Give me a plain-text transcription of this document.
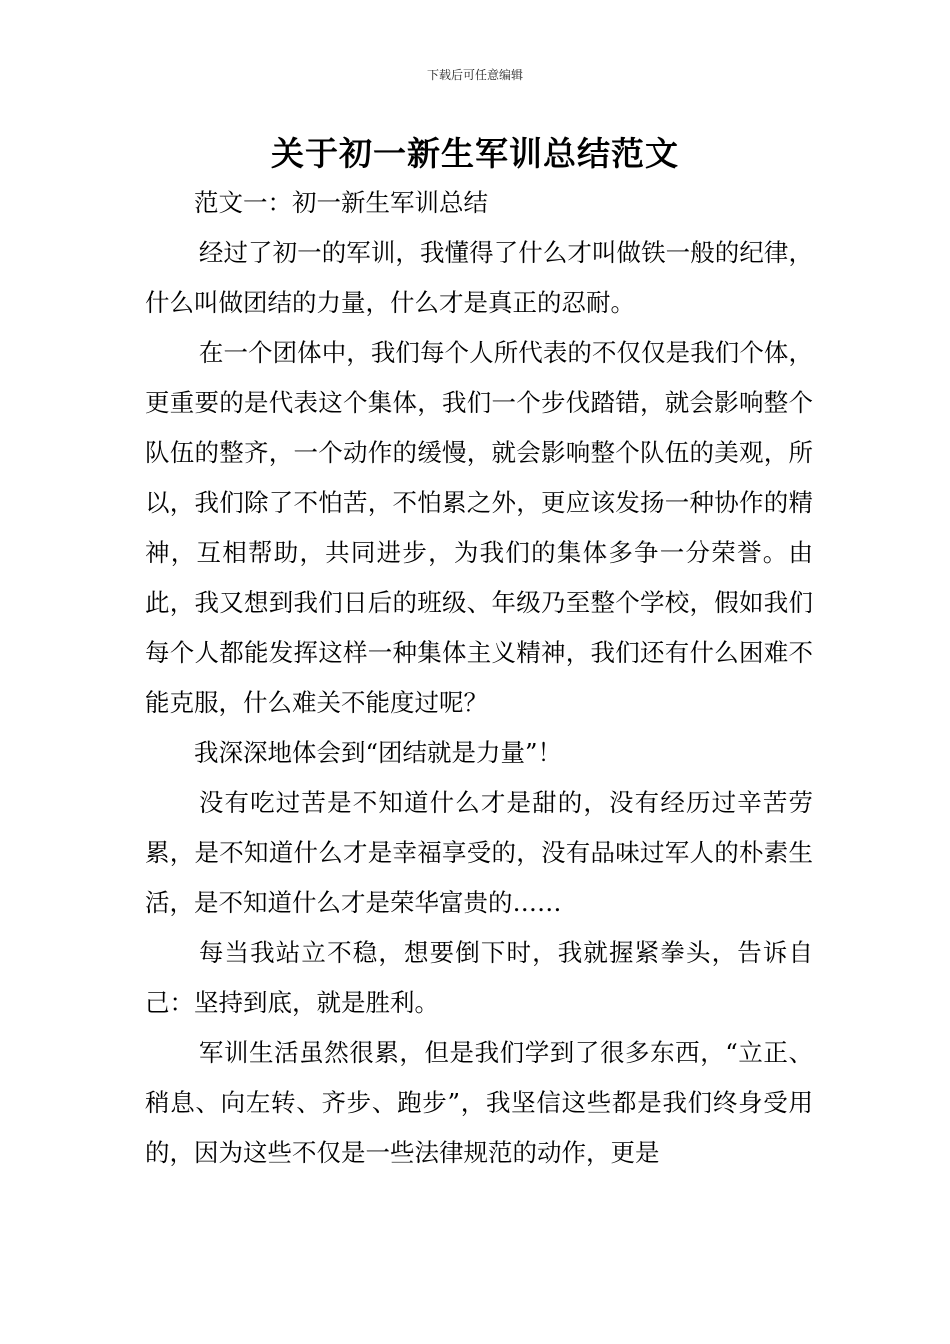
下载后可任意编辑
关于初一新生军训总结范文

范文一：初一新生军训总结

经过了初一的军训，我懂得了什么才叫做铁一般的纪律，什么叫做团结的力量，什么才是真正的忍耐。

在一个团体中，我们每个人所代表的不仅仅是我们个体，更重要的是代表这个集体，我们一个步伐踏错，就会影响整个队伍的整齐，一个动作的缓慢，就会影响整个队伍的美观，所以，我们除了不怕苦，不怕累之外，更应该发扬一种协作的精神，互相帮助，共同进步，为我们的集体多争一分荣誉。由此，我又想到我们日后的班级、年级乃至整个学校，假如我们每个人都能发挥这样一种集体主义精神，我们还有什么困难不能克服，什么难关不能度过呢？

我深深地体会到“团结就是力量”！

没有吃过苦是不知道什么才是甜的，没有经历过辛苦劳累，是不知道什么才是幸福享受的，没有品味过军人的朴素生活，是不知道什么才是荣华富贵的……

每当我站立不稳，想要倒下时，我就握紧拳头，告诉自己：坚持到底，就是胜利。

军训生活虽然很累，但是我们学到了很多东西，“立正、稍息、向左转、齐步、跑步”，我坚信这些都是我们终身受用的，因为这些不仅是一些法律规范的动作，更是
